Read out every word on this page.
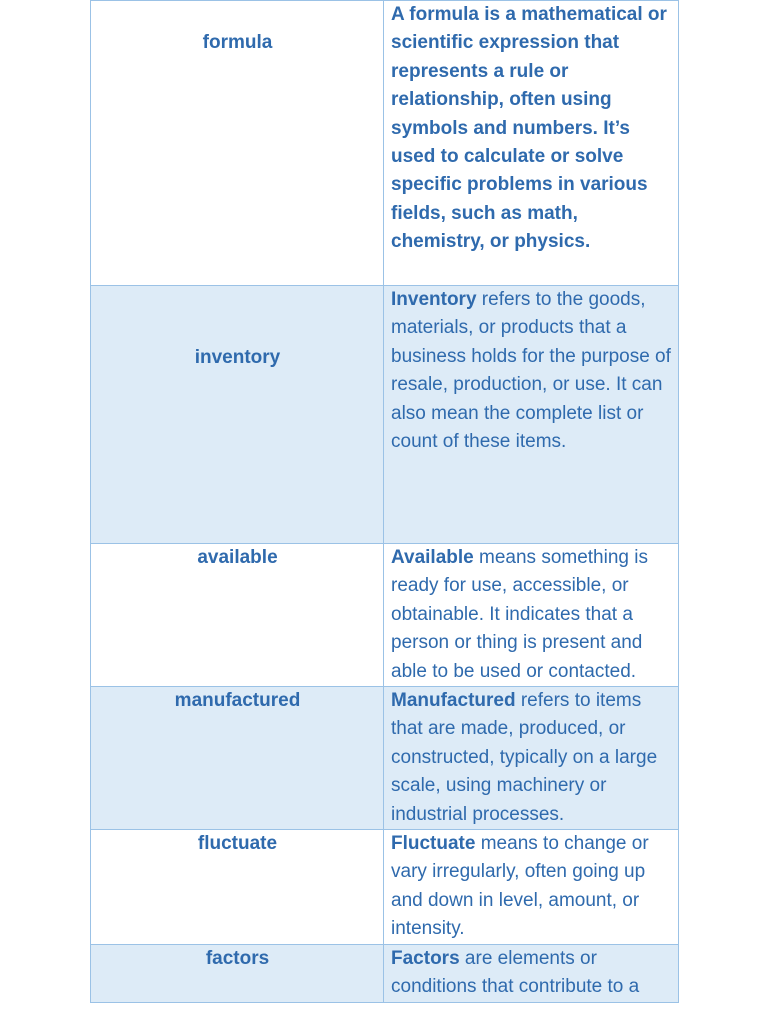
formula	A formula is a mathematical or scientific expression that represents a rule or relationship, often using symbols and numbers. It’s used to calculate or solve specific problems in various fields, such as math, chemistry, or physics.
inventory	Inventory refers to the goods, materials, or products that a business holds for the purpose of resale, production, or use. It can also mean the complete list or count of these items.
available	Available means something is ready for use, accessible, or obtainable. It indicates that a person or thing is present and able to be used or contacted.
manufactured	Manufactured refers to items that are made, produced, or constructed, typically on a large scale, using machinery or industrial processes.
fluctuate	Fluctuate means to change or vary irregularly, often going up and down in level, amount, or intensity.
factors	Factors are elements or conditions that contribute to a
